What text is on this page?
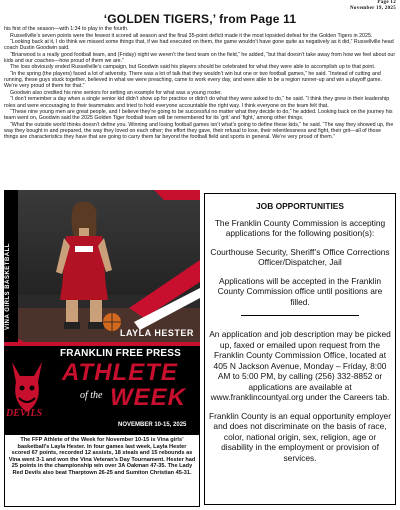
Page 12
November 19, 2025
‘GOLDEN TIGERS,’ from Page 11

his first of the season—with 1:34 to play in the fourth.

Russellville’s seven points were the fewest it scored all season and the final 35-point deficit made it the most lopsided defeat for the Golden Tigers in 2025.

“Looking back at it, I do think we missed some things that, if we had executed on them, the game wouldn’t have gone quite as negatively as it did,” Russellville head coach Dustin Goodwin said.

“Briarwood is a really good football team, and (Friday) night we weren’t the best team on the field,” he added, “but that doesn’t take away from how we feel about our kids and our coaches—how proud of them we are.”

The loss obviously ended Russellville’s campaign, but Goodwin said his players should be celebrated for what they were able to accomplish up to that point.

“In the spring (the players) faced a lot of adversity. There was a lot of talk that they wouldn’t win but one or two football games,” he said. “Instead of cutting and running, these guys stuck together, believed in what we were preaching, came to work every day, and were able to be a region runner-up and win a playoff game. We’re very proud of them for that.”

Goodwin also credited his nine seniors for setting an example for what was a young roster.

“I don’t remember a day when a single senior kid didn’t show up for practice or didn’t do what they were asked to do,” he said. “I think they grew in their leadership roles and were encouraging to their teammates and tried to hold everyone accountable the right way. I think everyone on the team felt that.

“These nine young men are great people, and I believe they’re going to be successful no matter what they decide to do,” he added. Looking back on the journey his team went on, Goodwin said the 2025 Golden Tiger football team will be remembered for its ‘grit’ and ‘fight,’ among other things.

“What the outside world thinks doesn’t define you. Winning and losing football games isn’t what’s going to define these kids,” he said. “The way they showed up, the way they bought in and prepared, the way they loved on each other; the effort they gave, their refusal to lose, their relentlessness and fight, their grit—all of those things are characteristics they have that are going to carry them far beyond the football field and sports in general. We’re very proud of them.”

VINA GIRLS BASKETBALL
LAYLA HESTER
DEVILS
FRANKLIN FREE PRESS
ATHLETE
of the WEEK
NOVEMBER 10-15, 2025
The FFP Athlete of the Week for November 10-15 is Vina girls’ basketball’s Layla Hester. In four games last week, Layla Hester scored 67 points, recorded 12 assists, 18 steals and 15 rebounds as Vina went 3-1 and won the Vina Veteran’s Day Tournament. Hester had 25 points in the championship win over 3A Oakman 47-35. The Lady Red Devils also beat Tharptown 26-25 and Sumiton Christian 45-31.
JOB OPPORTUNITIES

The Franklin County Commission is accepting applications for the following position(s):

Courthouse Security, Sheriff’s Office Corrections Officer/Dispatcher, Jail

Applications will be accepted in the Franklin County Commission office until positions are filled.

An application and job description may be picked up, faxed or emailed upon request from the Franklin County Commission Office, located at 405 N Jackson Avenue, Monday – Friday, 8:00 AM to 5:00 PM, by calling (256) 332-8852 or applications are available at www.franklincountyal.org under the Careers tab.

Franklin County is an equal opportunity employer and does not discriminate on the basis of race, color, national origin, sex, religion, age or disability in the employment or provision of services.
